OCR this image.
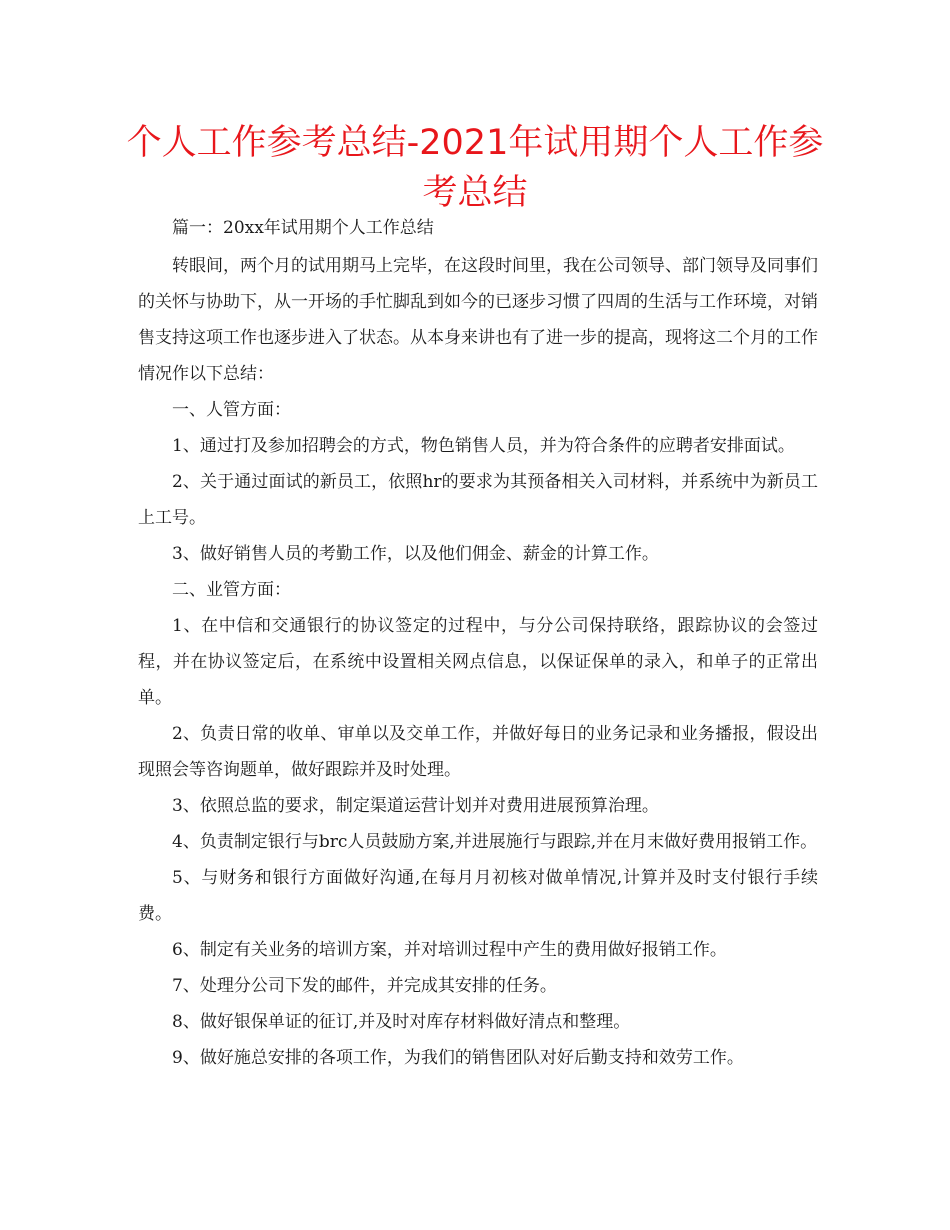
个人工作参考总结-2021年试用期个人工作参考总结

篇一：20xx年试用期个人工作总结

转眼间，两个月的试用期马上完毕，在这段时间里，我在公司领导、部门领导及同事们的关怀与协助下，从一开场的手忙脚乱到如今的已逐步习惯了四周的生活与工作环境，对销售支持这项工作也逐步进入了状态。从本身来讲也有了进一步的提高，现将这二个月的工作情况作以下总结：

一、人管方面：

1、通过打及参加招聘会的方式，物色销售人员，并为符合条件的应聘者安排面试。

2、关于通过面试的新员工，依照hr的要求为其预备相关入司材料，并系统中为新员工上工号。

3、做好销售人员的考勤工作，以及他们佣金、薪金的计算工作。

二、业管方面：

1、在中信和交通银行的协议签定的过程中，与分公司保持联络，跟踪协议的会签过程，并在协议签定后，在系统中设置相关网点信息，以保证保单的录入，和单子的正常出单。

2、负责日常的收单、审单以及交单工作，并做好每日的业务记录和业务播报，假设出现照会等咨询题单，做好跟踪并及时处理。

3、依照总监的要求，制定渠道运营计划并对费用进展预算治理。

4、负责制定银行与brc人员鼓励方案,并进展施行与跟踪,并在月末做好费用报销工作。

5、与财务和银行方面做好沟通,在每月月初核对做单情况,计算并及时支付银行手续费。

6、制定有关业务的培训方案，并对培训过程中产生的费用做好报销工作。

7、处理分公司下发的邮件，并完成其安排的任务。

8、做好银保单证的征订,并及时对库存材料做好清点和整理。

9、做好施总安排的各项工作，为我们的销售团队对好后勤支持和效劳工作。
